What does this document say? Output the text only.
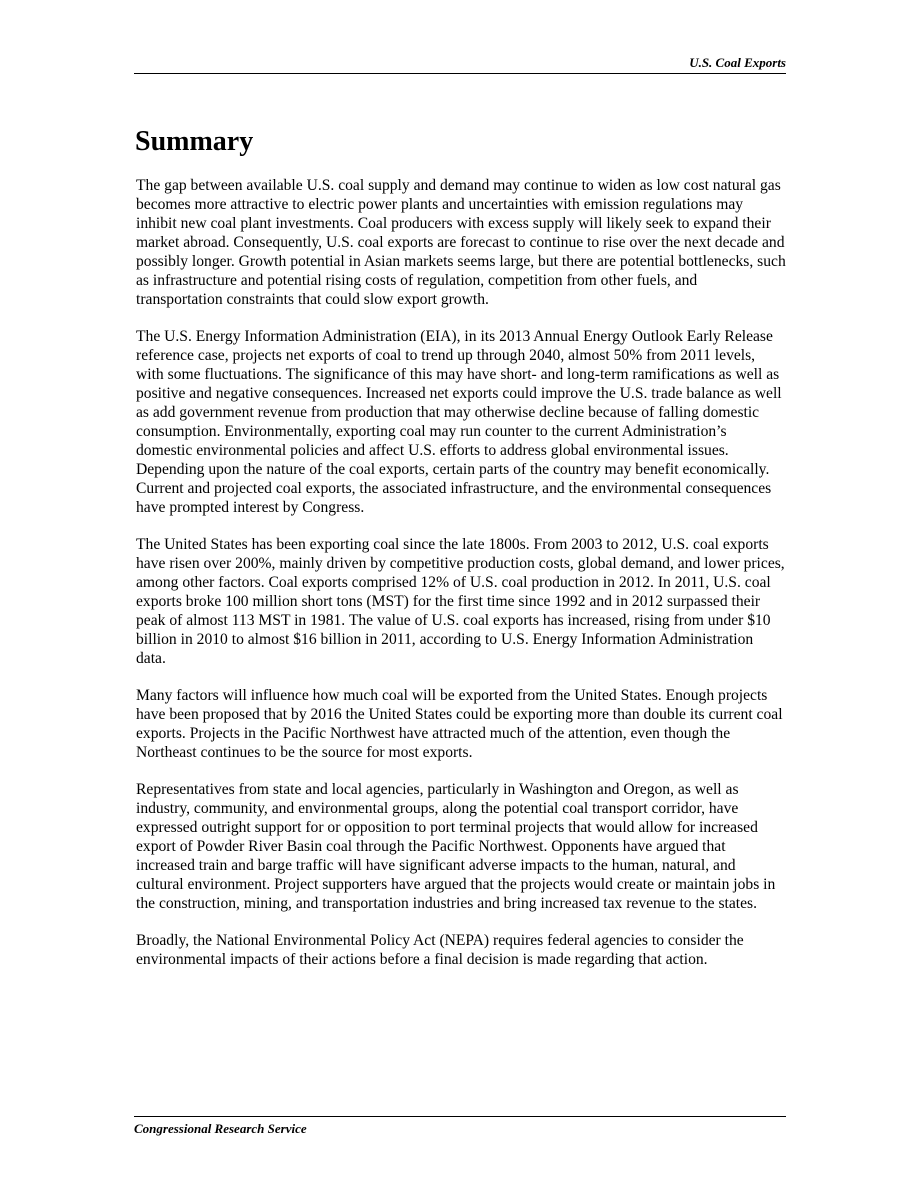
U.S. Coal Exports
Summary

The gap between available U.S. coal supply and demand may continue to widen as low cost natural gas becomes more attractive to electric power plants and uncertainties with emission regulations may inhibit new coal plant investments. Coal producers with excess supply will likely seek to expand their market abroad. Consequently, U.S. coal exports are forecast to continue to rise over the next decade and possibly longer. Growth potential in Asian markets seems large, but there are potential bottlenecks, such as infrastructure and potential rising costs of regulation, competition from other fuels, and transportation constraints that could slow export growth.

The U.S. Energy Information Administration (EIA), in its 2013 Annual Energy Outlook Early Release reference case, projects net exports of coal to trend up through 2040, almost 50% from 2011 levels, with some fluctuations. The significance of this may have short- and long-term ramifications as well as positive and negative consequences. Increased net exports could improve the U.S. trade balance as well as add government revenue from production that may otherwise decline because of falling domestic consumption. Environmentally, exporting coal may run counter to the current Administration’s domestic environmental policies and affect U.S. efforts to address global environmental issues. Depending upon the nature of the coal exports, certain parts of the country may benefit economically. Current and projected coal exports, the associated infrastructure, and the environmental consequences have prompted interest by Congress.

The United States has been exporting coal since the late 1800s. From 2003 to 2012, U.S. coal exports have risen over 200%, mainly driven by competitive production costs, global demand, and lower prices, among other factors. Coal exports comprised 12% of U.S. coal production in 2012. In 2011, U.S. coal exports broke 100 million short tons (MST) for the first time since 1992 and in 2012 surpassed their peak of almost 113 MST in 1981. The value of U.S. coal exports has increased, rising from under $10 billion in 2010 to almost $16 billion in 2011, according to U.S. Energy Information Administration data.

Many factors will influence how much coal will be exported from the United States. Enough projects have been proposed that by 2016 the United States could be exporting more than double its current coal exports. Projects in the Pacific Northwest have attracted much of the attention, even though the Northeast continues to be the source for most exports.

Representatives from state and local agencies, particularly in Washington and Oregon, as well as industry, community, and environmental groups, along the potential coal transport corridor, have expressed outright support for or opposition to port terminal projects that would allow for increased export of Powder River Basin coal through the Pacific Northwest. Opponents have argued that increased train and barge traffic will have significant adverse impacts to the human, natural, and cultural environment. Project supporters have argued that the projects would create or maintain jobs in the construction, mining, and transportation industries and bring increased tax revenue to the states.

Broadly, the National Environmental Policy Act (NEPA) requires federal agencies to consider the environmental impacts of their actions before a final decision is made regarding that action.

Congressional Research Service
